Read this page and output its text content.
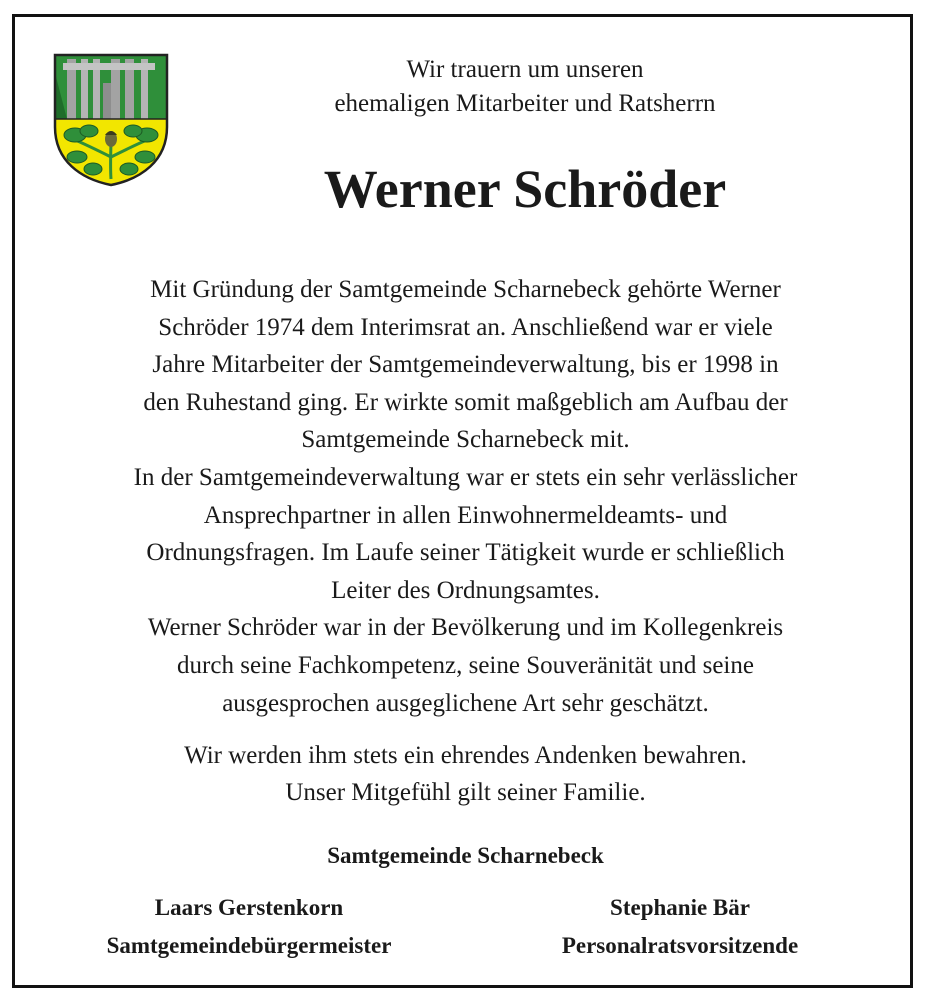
Wir trauern um unseren
ehemaligen Mitarbeiter und Ratsherrn
Werner Schröder
Mit Gründung der Samtgemeinde Scharnebeck gehörte Werner
Schröder 1974 dem Interimsrat an. Anschließend war er viele
Jahre Mitarbeiter der Samtgemeindeverwaltung, bis er 1998 in
den Ruhestand ging. Er wirkte somit maßgeblich am Aufbau der
Samtgemeinde Scharnebeck mit.
In der Samtgemeindeverwaltung war er stets ein sehr verlässlicher
Ansprechpartner in allen Einwohnermeldeamts- und
Ordnungsfragen. Im Laufe seiner Tätigkeit wurde er schließlich
Leiter des Ordnungsamtes.
Werner Schröder war in der Bevölkerung und im Kollegenkreis
durch seine Fachkompetenz, seine Souveränität und seine
ausgesprochen ausgeglichene Art sehr geschätzt.
Wir werden ihm stets ein ehrendes Andenken bewahren.
Unser Mitgefühl gilt seiner Familie.
Samtgemeinde Scharnebeck
Laars Gerstenkorn
Samtgemeindebürgermeister
Stephanie Bär
Personalratsvorsitzende
